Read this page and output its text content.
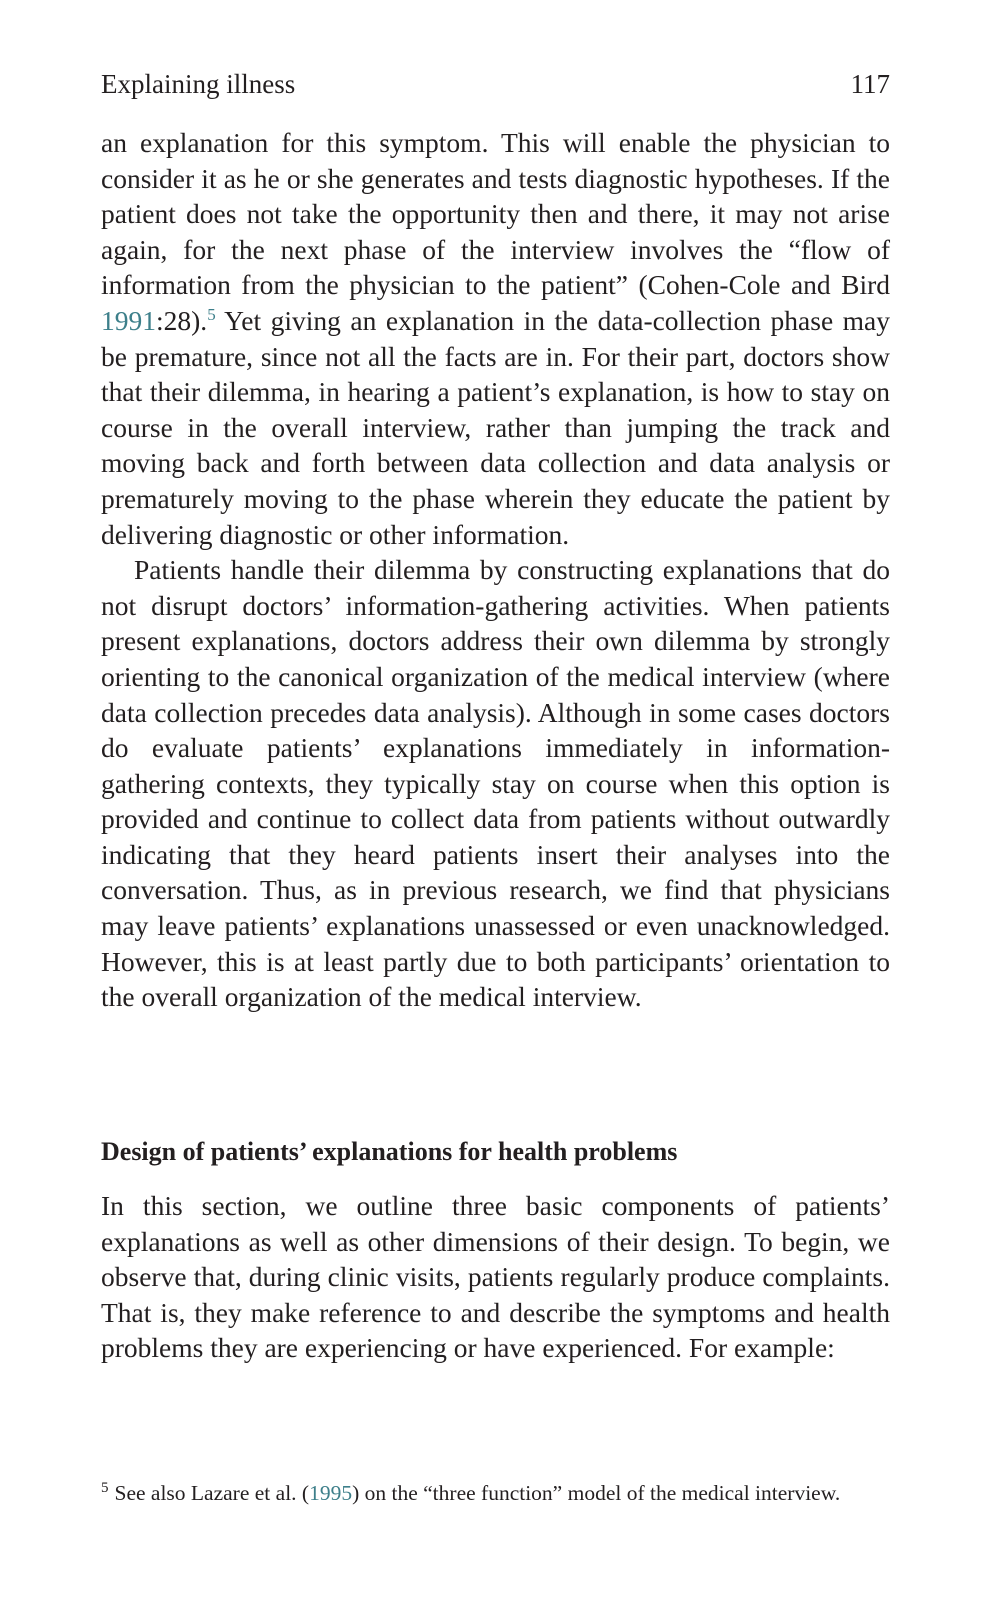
Explaining illness	117

an explanation for this symptom. This will enable the physician to consider it as he or she generates and tests diagnostic hypotheses. If the patient does not take the opportunity then and there, it may not arise again, for the next phase of the interview involves the “flow of information from the physician to the patient” (Cohen-Cole and Bird 1991:28).$^5$ Yet giving an explanation in the data-collection phase may be premature, since not all the facts are in. For their part, doctors show that their dilemma, in hearing a patient’s explanation, is how to stay on course in the overall interview, rather than jumping the track and moving back and forth between data collection and data analysis or prematurely moving to the phase wherein they educate the patient by delivering diagnostic or other information.

Patients handle their dilemma by constructing explanations that do not disrupt doctors’ information-gathering activities. When patients present explanations, doctors address their own dilemma by strongly orienting to the canonical organization of the medical interview (where data collection precedes data analysis). Although in some cases doctors do evaluate patients’ explanations immediately in information-gathering contexts, they typically stay on course when this option is provided and continue to collect data from patients without outwardly indicating that they heard patients insert their analyses into the conversation. Thus, as in previous research, we find that physicians may leave patients’ explanations unassessed or even unacknowledged. However, this is at least partly due to both participants’ orientation to the overall organization of the medical interview.

Design of patients’ explanations for health problems

In this section, we outline three basic components of patients’ explanations as well as other dimensions of their design. To begin, we observe that, during clinic visits, patients regularly produce complaints. That is, they make reference to and describe the symptoms and health problems they are experiencing or have experienced. For example:

$^5$ See also Lazare et al. (1995) on the “three function” model of the medical interview.
